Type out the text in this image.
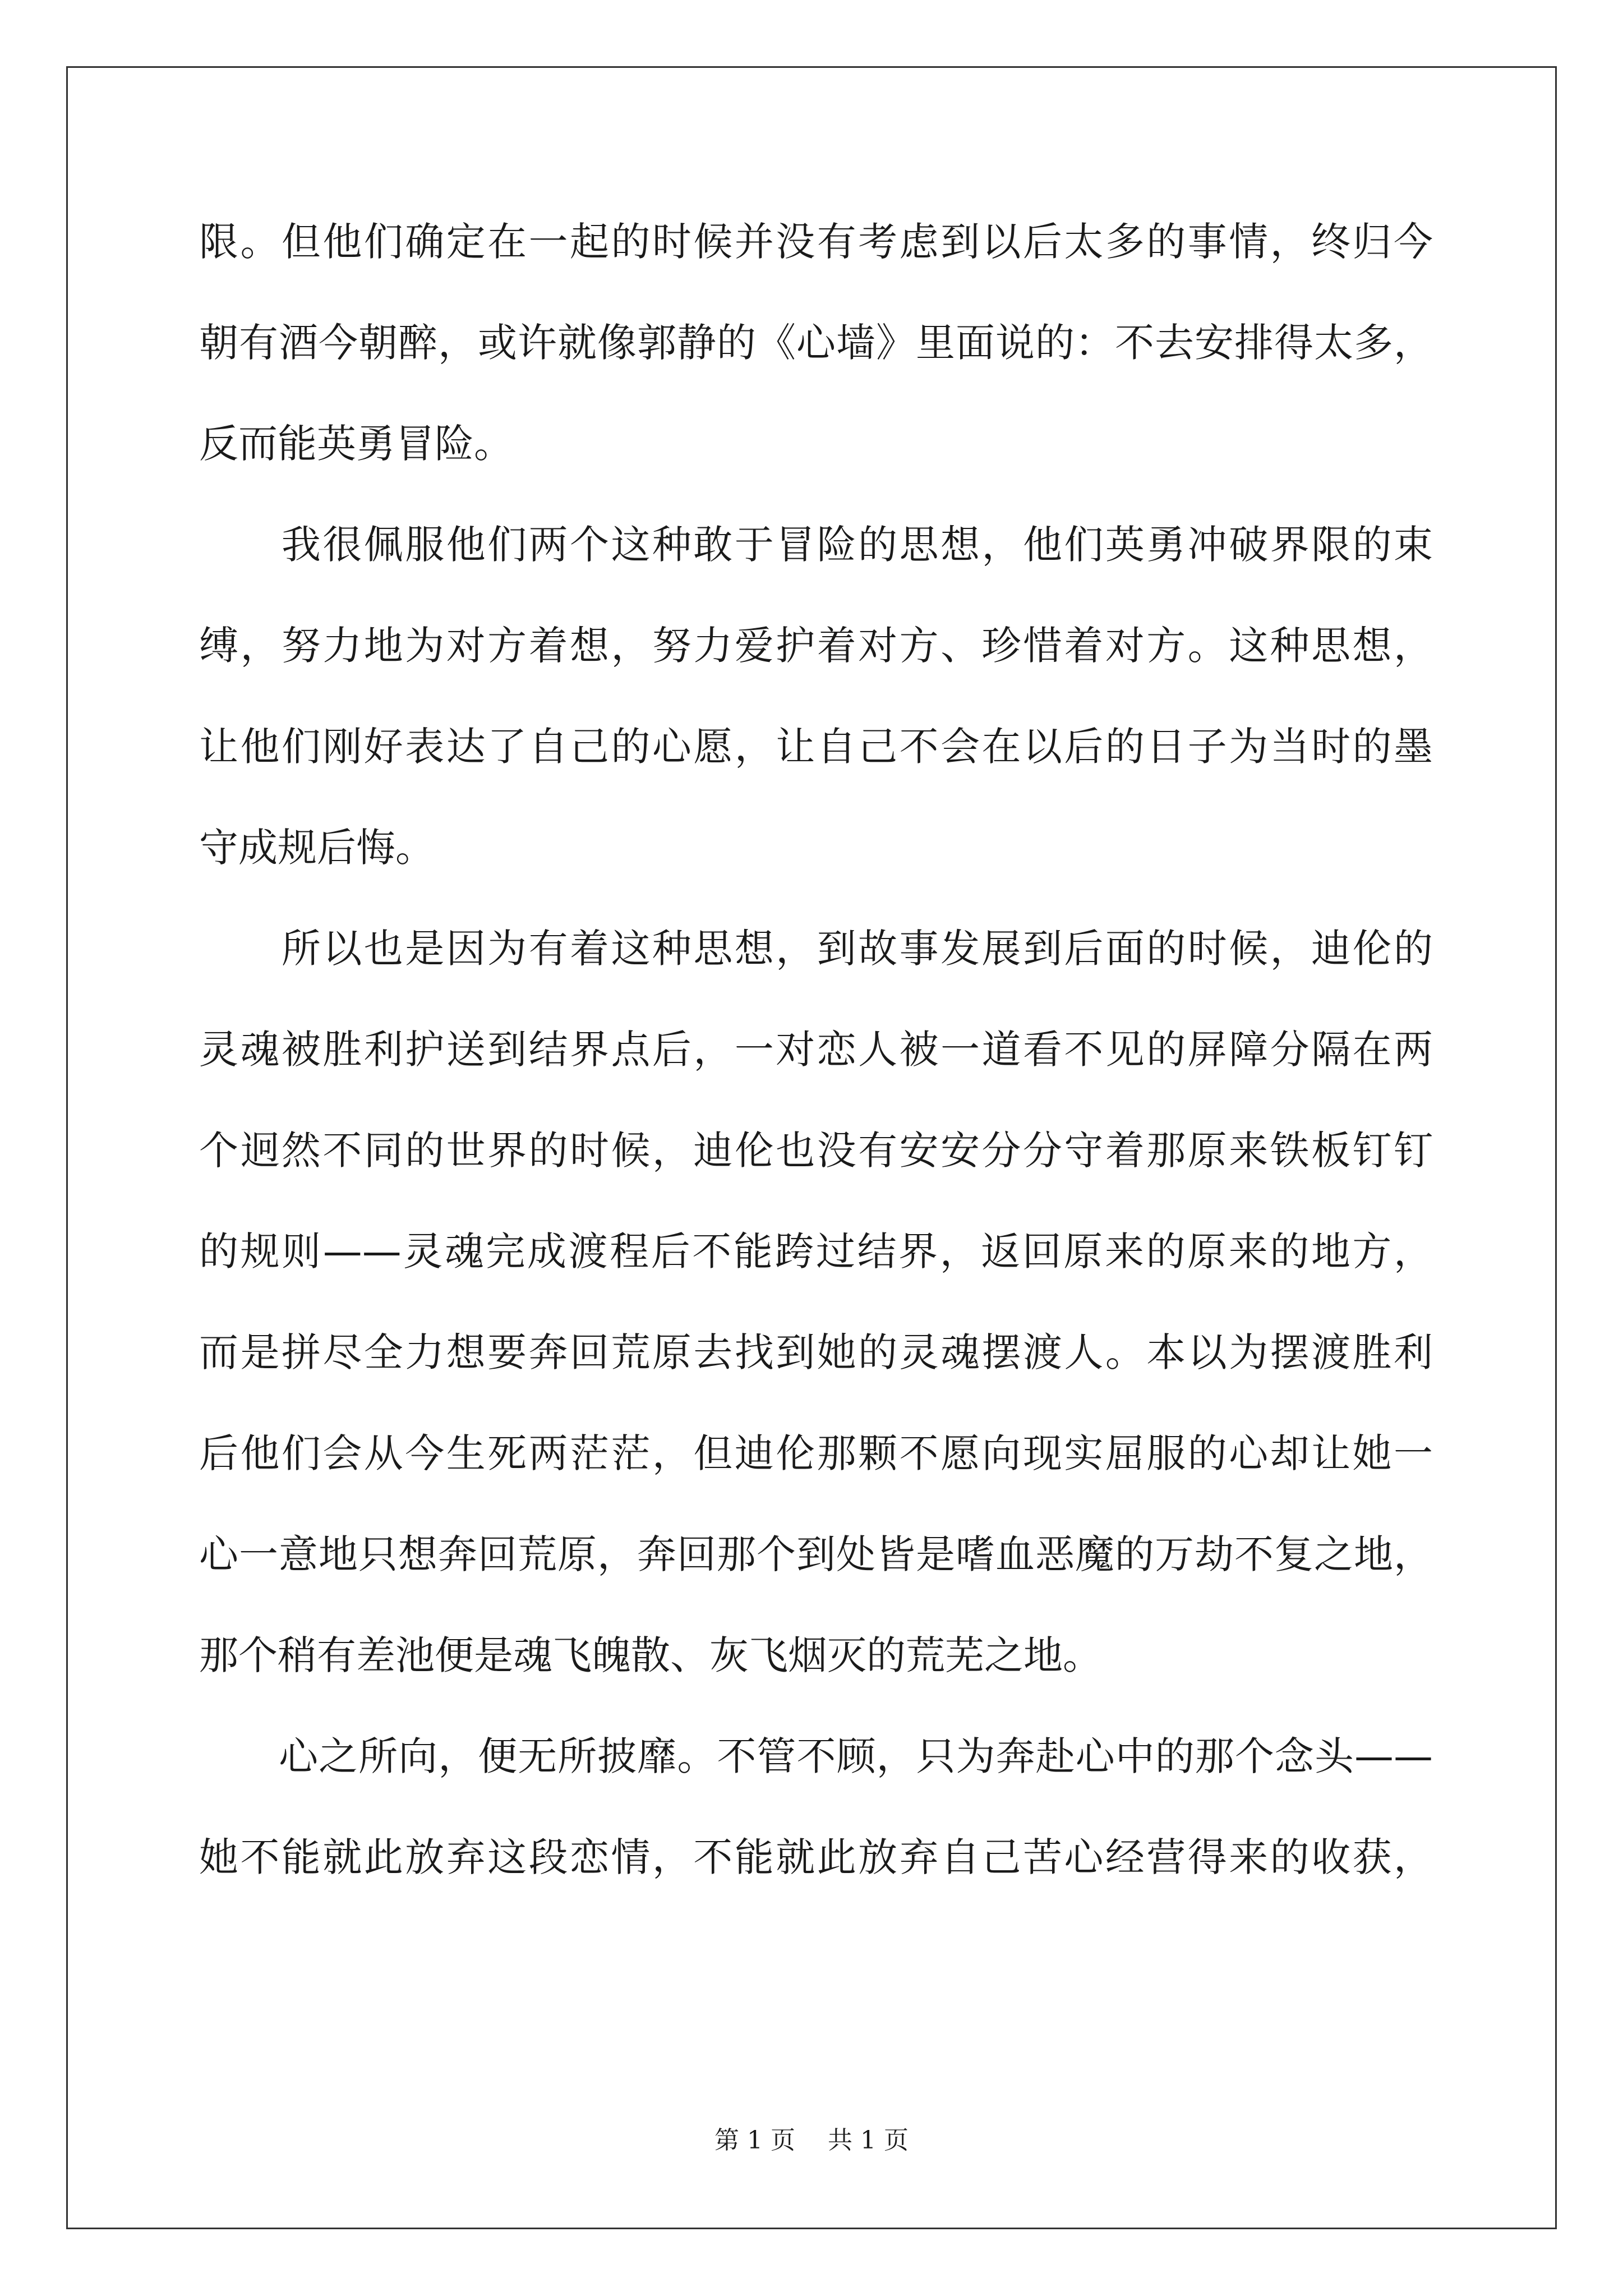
限。但他们确定在一起的时候并没有考虑到以后太多的事情，终归今
朝有酒今朝醉，或许就像郭静的《心墙》里面说的：不去安排得太多，
反而能英勇冒险。
　　我很佩服他们两个这种敢于冒险的思想，他们英勇冲破界限的束
缚，努力地为对方着想，努力爱护着对方、珍惜着对方。这种思想，
让他们刚好表达了自己的心愿，让自己不会在以后的日子为当时的墨
守成规后悔。
　　所以也是因为有着这种思想，到故事发展到后面的时候，迪伦的
灵魂被胜利护送到结界点后，一对恋人被一道看不见的屏障分隔在两
个迥然不同的世界的时候，迪伦也没有安安分分守着那原来铁板钉钉
的规则——灵魂完成渡程后不能跨过结界，返回原来的原来的地方，
而是拼尽全力想要奔回荒原去找到她的灵魂摆渡人。本以为摆渡胜利
后他们会从今生死两茫茫，但迪伦那颗不愿向现实屈服的心却让她一
心一意地只想奔回荒原，奔回那个到处皆是嗜血恶魔的万劫不复之地，
那个稍有差池便是魂飞魄散、灰飞烟灭的荒芜之地。
　　心之所向，便无所披靡。不管不顾，只为奔赴心中的那个念头——
她不能就此放弃这段恋情，不能就此放弃自己苦心经营得来的收获，
第 1 页　 共 1 页
